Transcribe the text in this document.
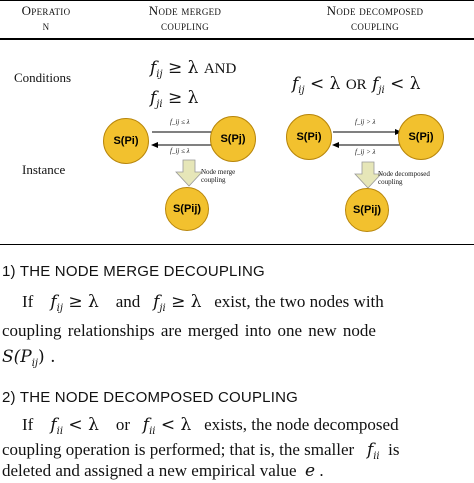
Operatio
n
Node merged
coupling
Node decomposed
coupling
Conditions
Instance
$f_{ij} \ge \lambda$ AND
$f_{ji} \ge \lambda$
$f_{ij} < \lambda$ OR $f_{ji} < \lambda$
f_ij ≤ λ
f_ij ≤ λ
S(Pi)	S(Pj)
Node merge
coupling
S(Pij)
f_ij > λ
f_ij > λ
S(Pi)	S(Pj)
Node decomposed
coupling
S(Pij)
1) THE NODE MERGE DECOUPLING
If $f_{ij} \ge \lambda$ and $f_{ji} \ge \lambda$ exist, the two nodes with
coupling relationships are merged into one new node
$S(P_{ij})$ .
2) THE NODE DECOMPOSED COUPLING
If $f_{ii} < \lambda$ or $f_{ii} < \lambda$ exists, the node decomposed
coupling operation is performed; that is, the smaller $f_{ii}$ is
deleted and assigned a new empirical value e .
